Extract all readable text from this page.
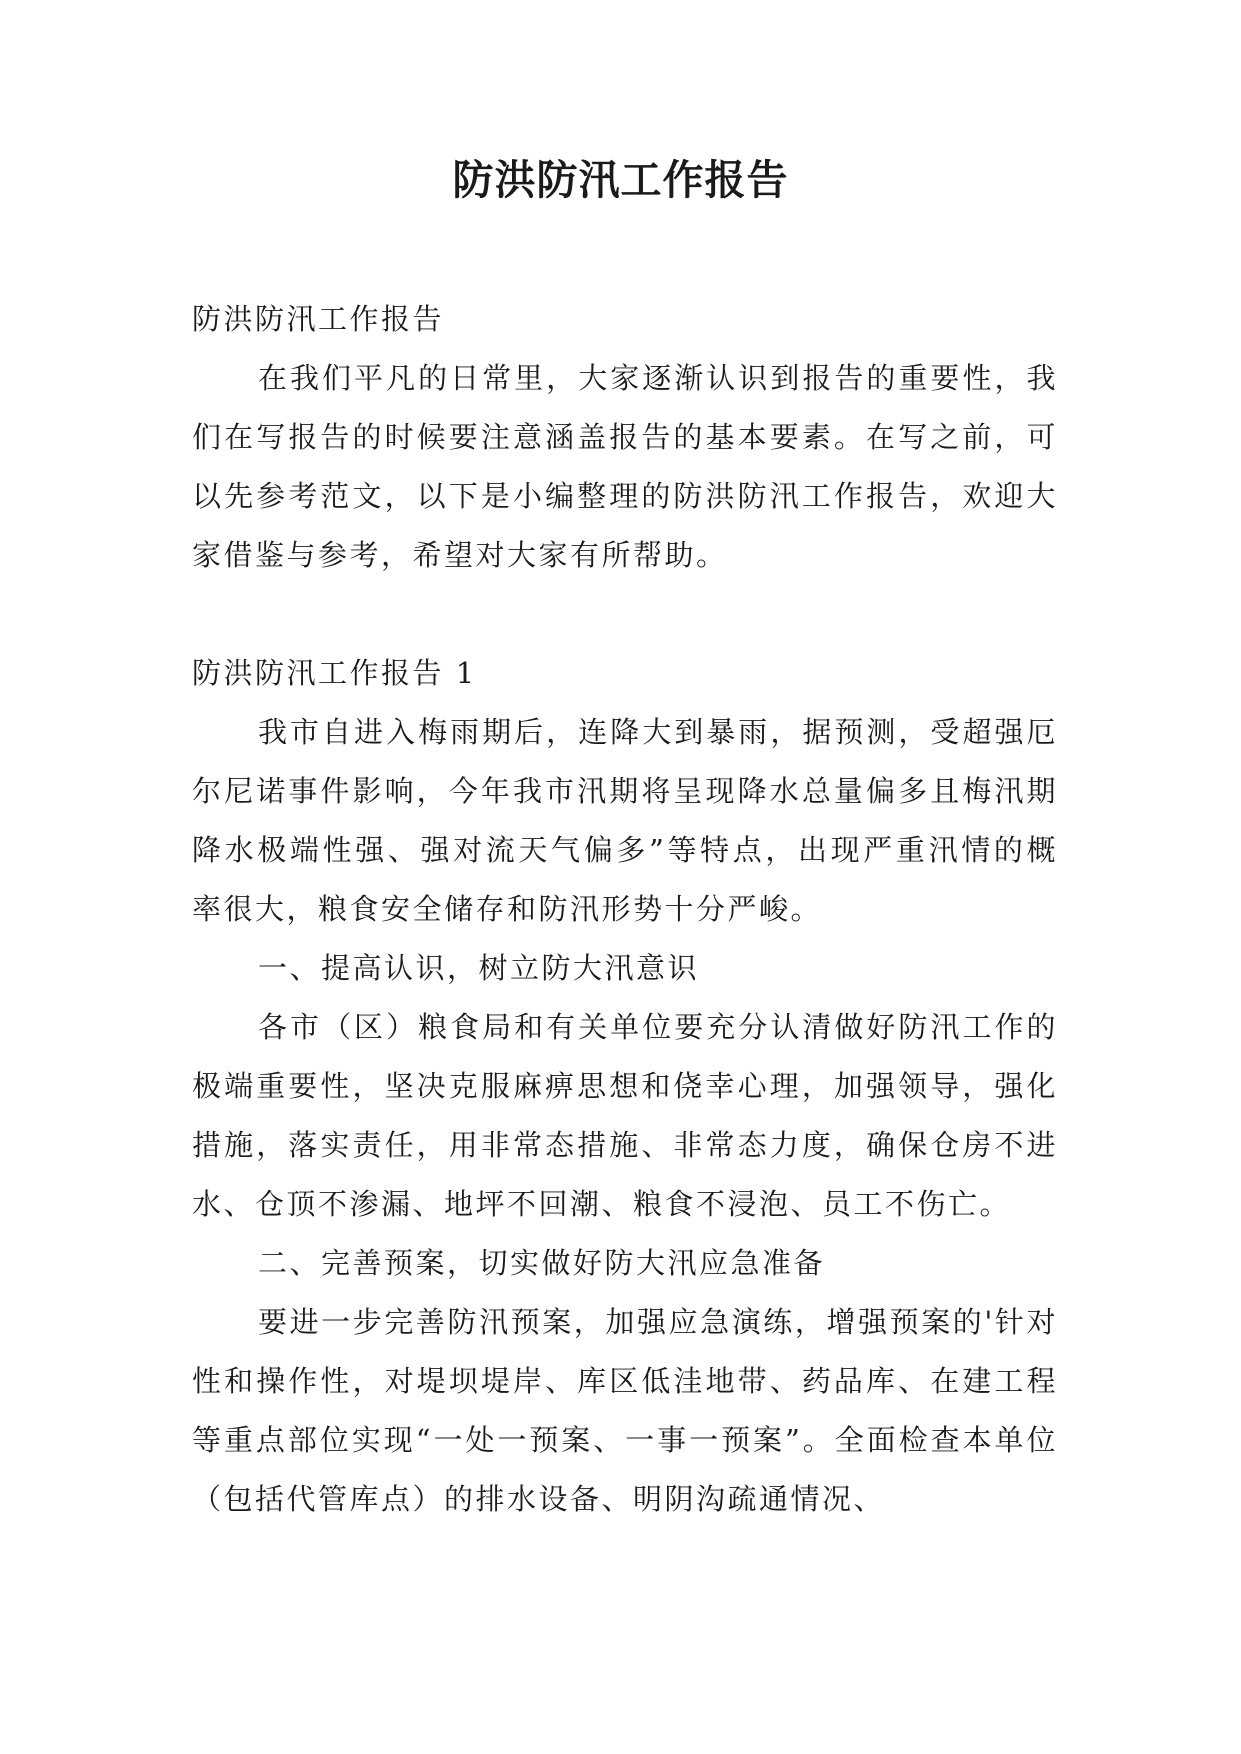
防洪防汛工作报告

防洪防汛工作报告

在我们平凡的日常里，大家逐渐认识到报告的重要性，我们在写报告的时候要注意涵盖报告的基本要素。在写之前，可以先参考范文，以下是小编整理的防洪防汛工作报告，欢迎大家借鉴与参考，希望对大家有所帮助。

防洪防汛工作报告 1

我市自进入梅雨期后，连降大到暴雨，据预测，受超强厄尔尼诺事件影响，今年我市汛期将呈现降水总量偏多且梅汛期降水极端性强、强对流天气偏多”等特点，出现严重汛情的概率很大，粮食安全储存和防汛形势十分严峻。

一、提高认识，树立防大汛意识

各市（区）粮食局和有关单位要充分认清做好防汛工作的极端重要性，坚决克服麻痹思想和侥幸心理，加强领导，强化措施，落实责任，用非常态措施、非常态力度，确保仓房不进水、仓顶不渗漏、地坪不回潮、粮食不浸泡、员工不伤亡。

二、完善预案，切实做好防大汛应急准备

要进一步完善防汛预案，加强应急演练，增强预案的'针对性和操作性，对堤坝堤岸、库区低洼地带、药品库、在建工程等重点部位实现“一处一预案、一事一预案”。全面检查本单位（包括代管库点）的排水设备、明阴沟疏通情况、
